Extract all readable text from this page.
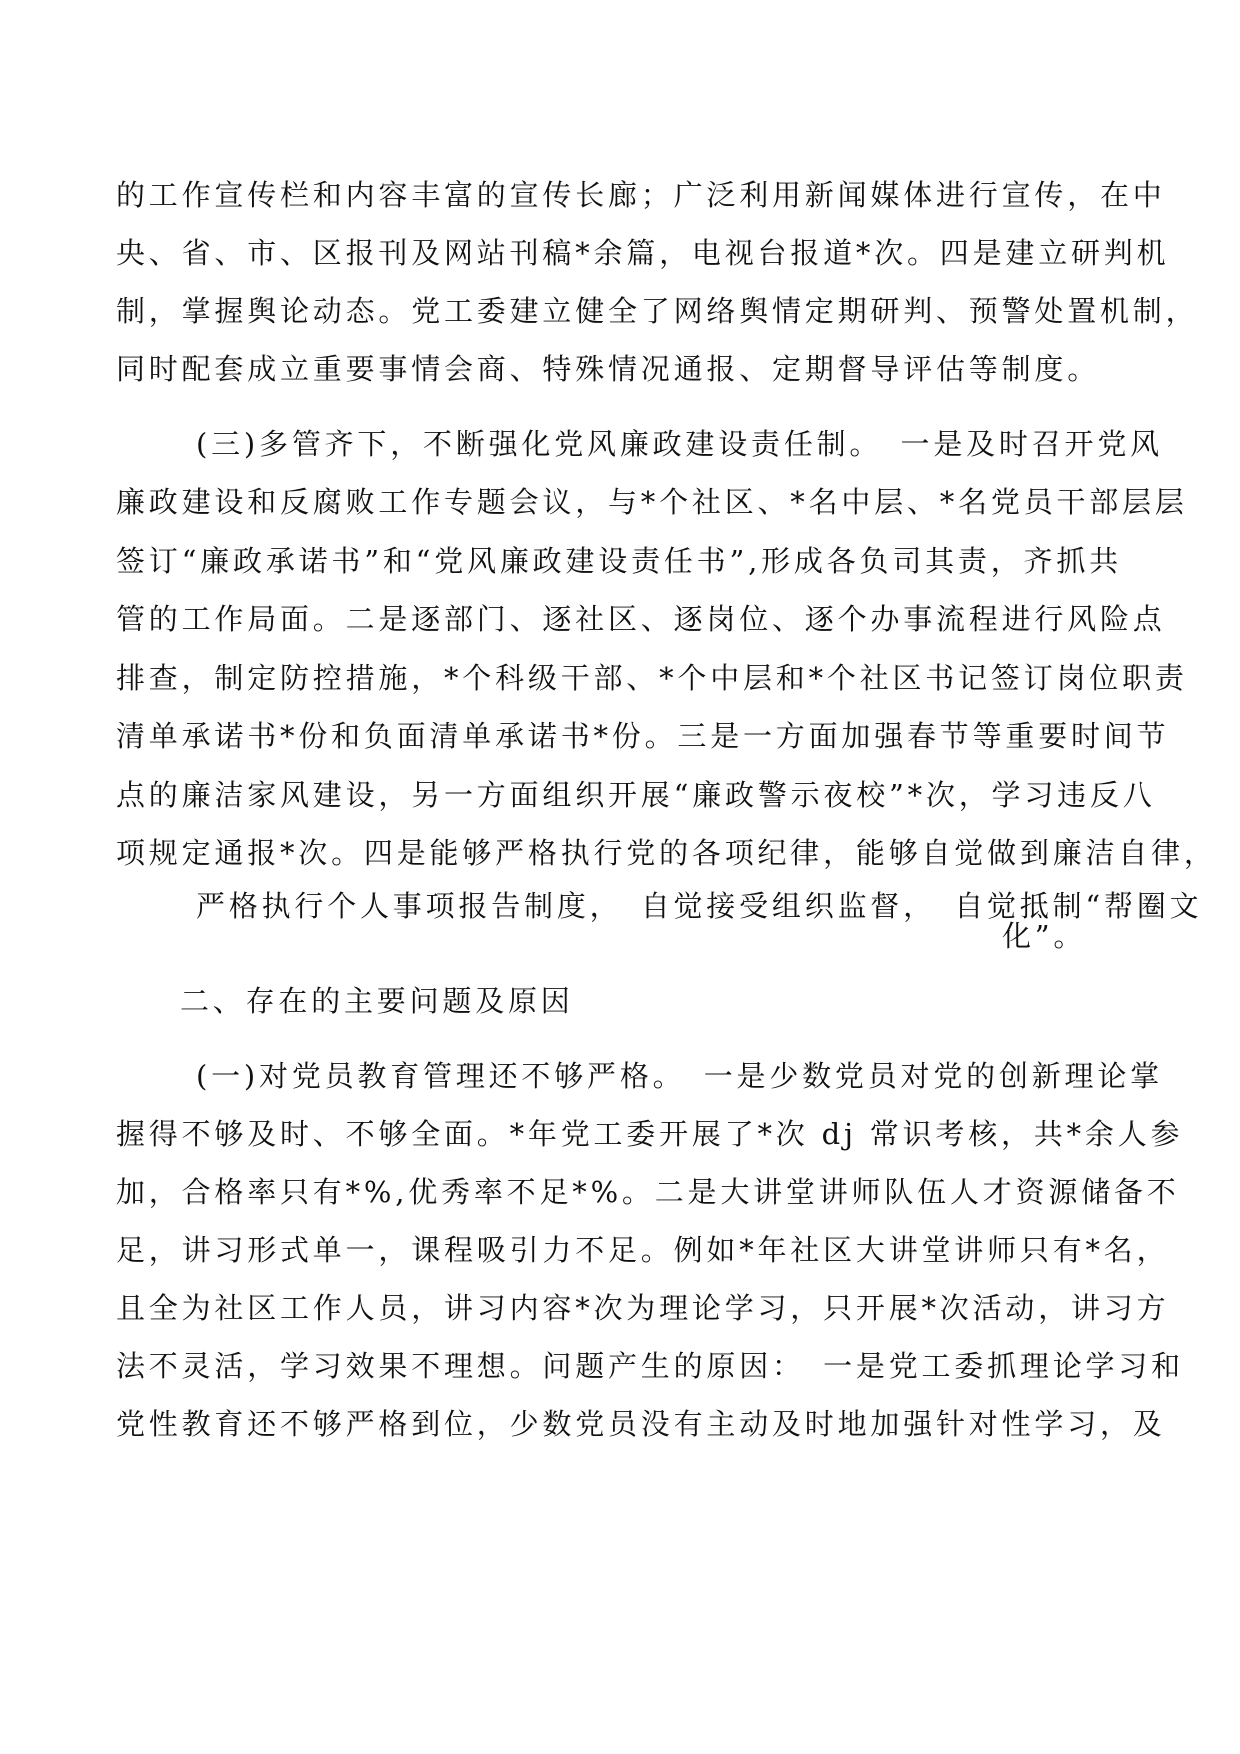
的工作宣传栏和内容丰富的宣传长廊；广泛利用新闻媒体进行宣传，在中
央、省、市、区报刊及网站刊稿*余篇，电视台报道*次。四是建立研判机
制，掌握舆论动态。党工委建立健全了网络舆情定期研判、预警处置机制，
同时配套成立重要事情会商、特殊情况通报、定期督导评估等制度。
(三)多管齐下，不断强化党风廉政建设责任制。　一是及时召开党风
廉政建设和反腐败工作专题会议，与*个社区、*名中层、*名党员干部层层
签订“廉政承诺书”和“党风廉政建设责任书”,形成各负司其责，齐抓共
管的工作局面。二是逐部门、逐社区、逐岗位、逐个办事流程进行风险点
排查，制定防控措施，*个科级干部、*个中层和*个社区书记签订岗位职责
清单承诺书*份和负面清单承诺书*份。三是一方面加强春节等重要时间节
点的廉洁家风建设，另一方面组织开展“廉政警示夜校”*次，学习违反八
项规定通报*次。四是能够严格执行党的各项纪律，能够自觉做到廉洁自律，
严格执行个人事项报告制度，　自觉接受组织监督，　自觉抵制“帮圈文
化”。
二、存在的主要问题及原因
(一)对党员教育管理还不够严格。　一是少数党员对党的创新理论掌
握得不够及时、不够全面。*年党工委开展了*次 dj 常识考核，共*余人参
加，合格率只有*%,优秀率不足*%。二是大讲堂讲师队伍人才资源储备不
足，讲习形式单一，课程吸引力不足。例如*年社区大讲堂讲师只有*名，
且全为社区工作人员，讲习内容*次为理论学习，只开展*次活动，讲习方
法不灵活，学习效果不理想。问题产生的原因：　一是党工委抓理论学习和
党性教育还不够严格到位，少数党员没有主动及时地加强针对性学习，及
